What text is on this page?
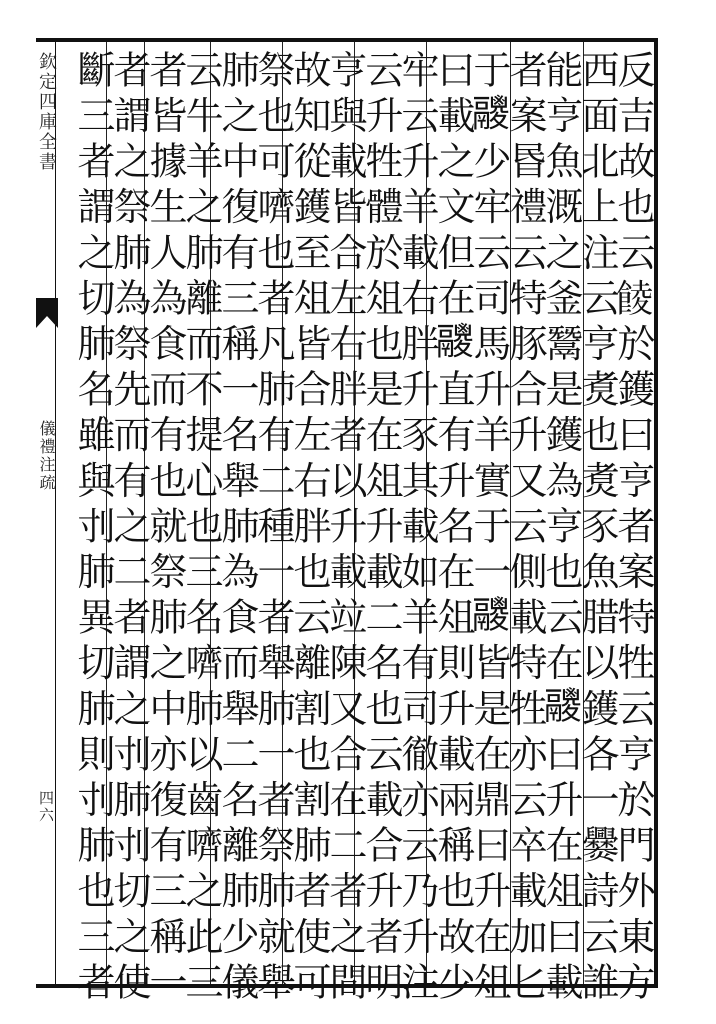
欽定四庫全書
儀禮注疏
四六	反吉故也云𩜁於鑊曰亨者案特牲云亨於門外東方
西面北上注云亨煑也煑豕魚腊以鑊各一爨詩云誰
能亨魚溉之釜鬵是鑊為亨也云在𩱛曰升在俎曰載
者案昬禮云特豚合升又云側載特牲亦云卒載加匕
于𩱛少牢云司馬升羊實于一𩱛皆是在鼎曰升在俎
曰載之文但在𩱛直有升名在俎則升載兩稱也故少
牢云升羊載右胖升豕其載如羊有司徹亦云乃升注
云升牲體於俎也是在俎升載二名也云載合升者明
亨與載皆合左右胖者以升載竝陳又合在二者之間
故知從鑊至俎皆合左右胖也云離割也割肺者使可
祭也可嚌也者凡肺有二種一者舉肺一者祭肺就舉
肺之中復有三稱一名舉肺為食而舉二名離肺少儀
云牛羊之肺離而不提心也三名嚌肺以齒嚌之此三
者皆據生人為食而有也就祭肺之中亦復有三稱一
者謂之祭肺為祭先而有之二者謂之刌肺刌切之使
斷三者謂之切肺名雖與刌肺異切肺則刌肺也三者
